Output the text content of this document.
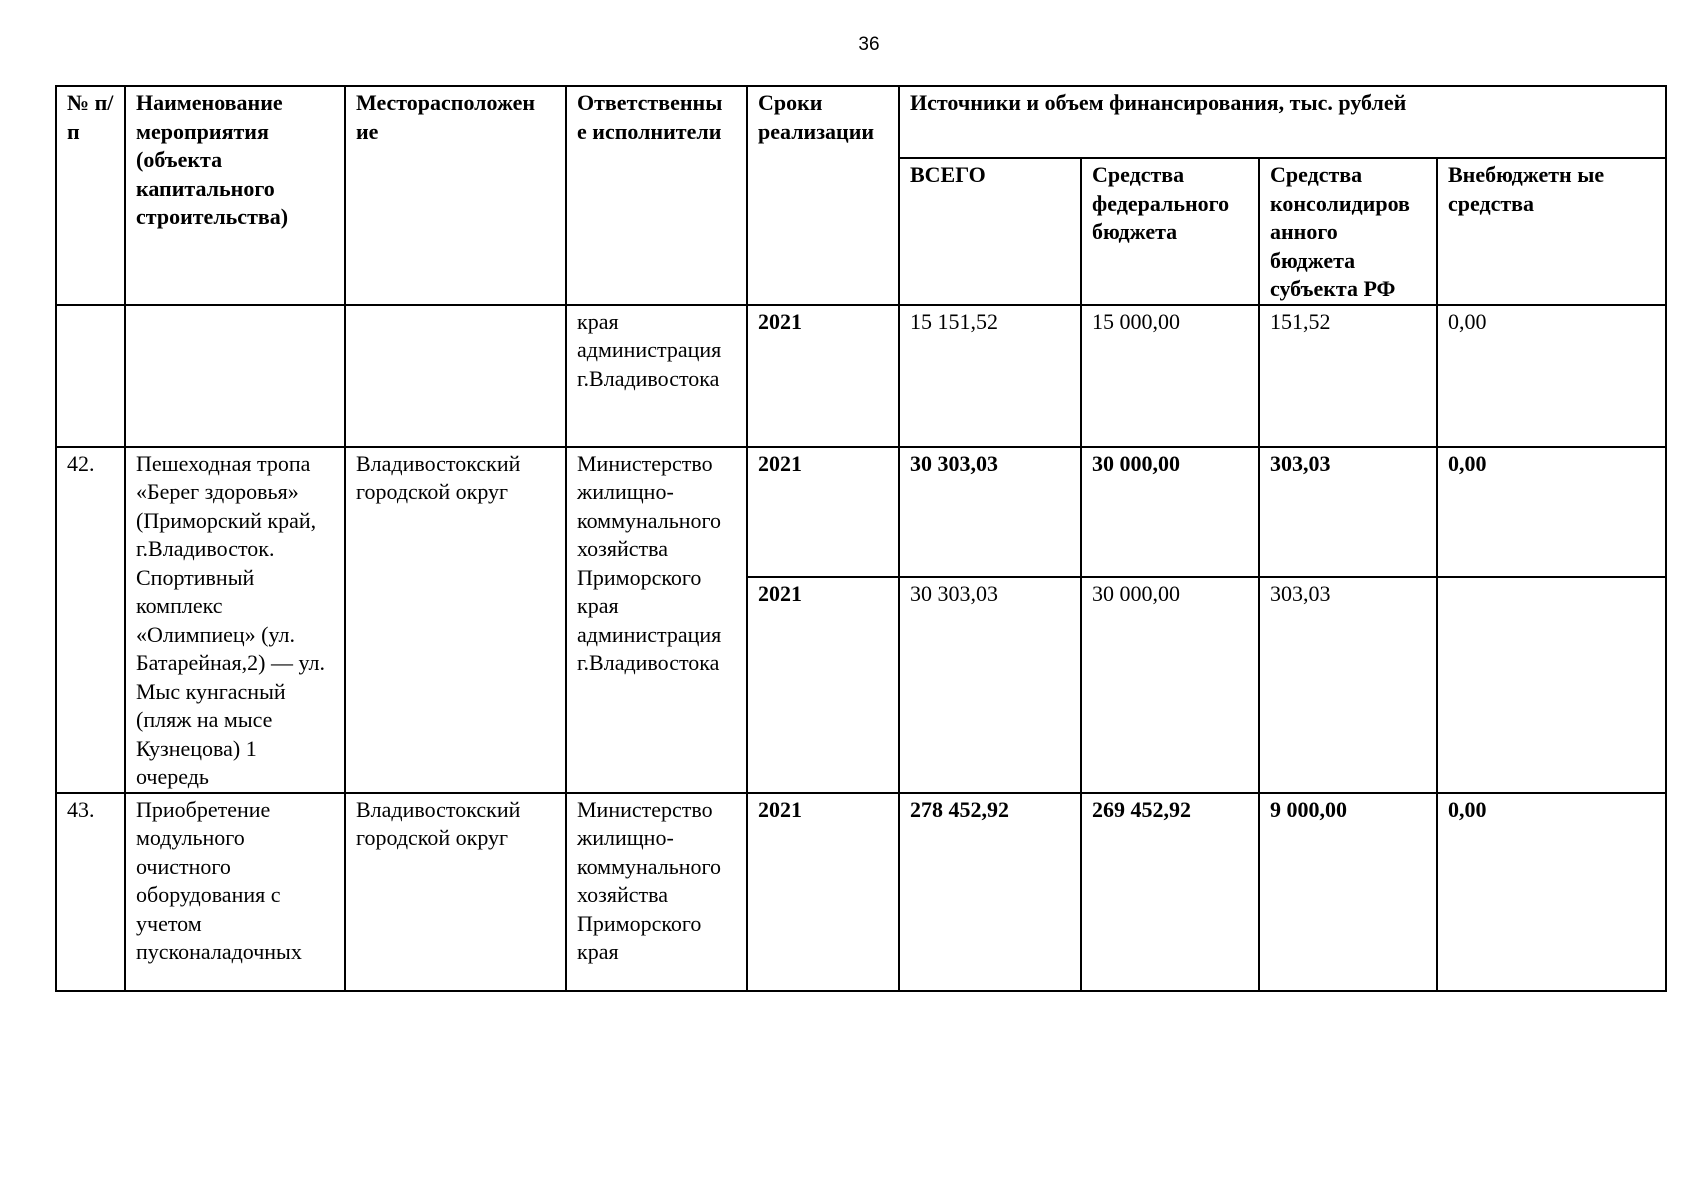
36
№ п/п	Наименование мероприятия (объекта капитального строительства)	Месторасположен ие	Ответственны е исполнители	Сроки реализации	Источники и объем финансирования, тыс. рублей			
					ВСЕГО	Средства федерального бюджета	Средства консолидиров анного бюджета субъекта РФ	Внебюджетн ые средства
			края администрация г.Владивостока	2021	15 151,52	15 000,00	151,52	0,00
42.	Пешеходная тропа «Берег здоровья» (Приморский край, г.Владивосток. Спортивный комплекс «Олимпиец» (ул. Батарейная,2) — ул. Мыс кунгасный (пляж на мысе Кузнецова) 1 очередь	Владивостокский городской округ	Министерство жилищно-коммунального хозяйства Приморского края администрация г.Владивостока	2021	30 303,03	30 000,00	303,03	0,00
				2021	30 303,03	30 000,00	303,03	
43.	Приобретение модульного очистного оборудования с учетом пусконаладочных	Владивостокский городской округ	Министерство жилищно-коммунального хозяйства Приморского края	2021	278 452,92	269 452,92	9 000,00	0,00
